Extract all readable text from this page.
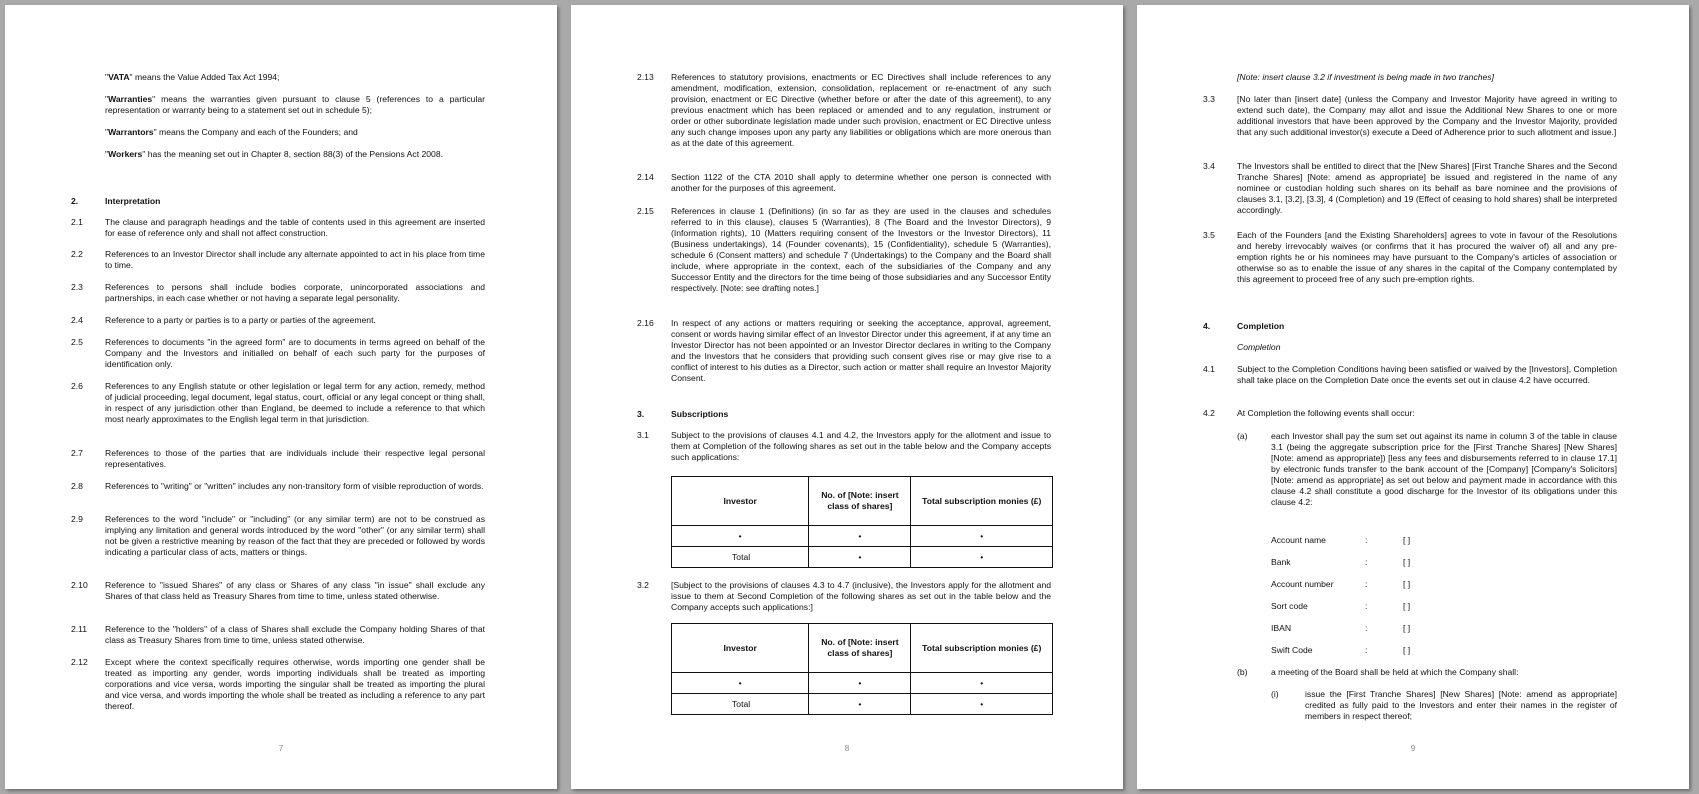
"VATA" means the Value Added Tax Act 1994;
"Warranties" means the warranties given pursuant to clause 5 (references to a particular representation or warranty being to a statement set out in schedule 5);
"Warrantors" means the Company and each of the Founders; and
"Workers" has the meaning set out in Chapter 8, section 88(3) of the Pensions Act 2008.
2.	Interpretation
2.1	The clause and paragraph headings and the table of contents used in this agreement are inserted for ease of reference only and shall not affect construction.
2.2	References to an Investor Director shall include any alternate appointed to act in his place from time to time.
2.3	References to persons shall include bodies corporate, unincorporated associations and partnerships, in each case whether or not having a separate legal personality.
2.4	Reference to a party or parties is to a party or parties of the agreement.
2.5	References to documents "in the agreed form" are to documents in terms agreed on behalf of the Company and the Investors and initialled on behalf of each such party for the purposes of identification only.
2.6	References to any English statute or other legislation or legal term for any action, remedy, method of judicial proceeding, legal document, legal status, court, official or any legal concept or thing shall, in respect of any jurisdiction other than England, be deemed to include a reference to that which most nearly approximates to the English legal term in that jurisdiction.
2.7	References to those of the parties that are individuals include their respective legal personal representatives.
2.8	References to "writing" or "written" includes any non-transitory form of visible reproduction of words.
2.9	References to the word "include" or "including" (or any similar term) are not to be construed as implying any limitation and general words introduced by the word "other" (or any similar term) shall not be given a restrictive meaning by reason of the fact that they are preceded or followed by words indicating a particular class of acts, matters or things.
2.10 Reference to "issued Shares" of any class or Shares of any class "in issue" shall exclude any Shares of that class held as Treasury Shares from time to time, unless stated otherwise.
2.11 Reference to the "holders" of a class of Shares shall exclude the Company holding Shares of that class as Treasury Shares from time to time, unless stated otherwise.
2.12 Except where the context specifically requires otherwise, words importing one gender shall be treated as importing any gender, words importing individuals shall be treated as importing corporations and vice versa, words importing the singular shall be treated as importing the plural and vice versa, and words importing the whole shall be treated as including a reference to any part thereof.
7
2.13 References to statutory provisions, enactments or EC Directives shall include references to any amendment, modification, extension, consolidation, replacement or re-enactment of any such provision, enactment or EC Directive (whether before or after the date of this agreement), to any previous enactment which has been replaced or amended and to any regulation, instrument or order or other subordinate legislation made under such provision, enactment or EC Directive unless any such change imposes upon any party any liabilities or obligations which are more onerous than as at the date of this agreement.
2.14 Section 1122 of the CTA 2010 shall apply to determine whether one person is connected with another for the purposes of this agreement.
2.15 References in clause 1 (Definitions) (in so far as they are used in the clauses and schedules referred to in this clause), clauses 5 (Warranties), 8 (The Board and the Investor Directors), 9 (Information rights), 10 (Matters requiring consent of the Investors or the Investor Directors), 11 (Business undertakings), 14 (Founder covenants), 15 (Confidentiality), schedule 5 (Warranties), schedule 6 (Consent matters) and schedule 7 (Undertakings) to the Company and the Board shall include, where appropriate in the context, each of the subsidiaries of the Company and any Successor Entity and the directors for the time being of those subsidiaries and any Successor Entity respectively. [Note: see drafting notes.]
2.16 In respect of any actions or matters requiring or seeking the acceptance, approval, agreement, consent or words having similar effect of an Investor Director under this agreement, if at any time an Investor Director has not been appointed or an Investor Director declares in writing to the Company and the Investors that he considers that providing such consent gives rise or may give rise to a conflict of interest to his duties as a Director, such action or matter shall require an Investor Majority Consent.
3.	Subscriptions
3.1	Subject to the provisions of clauses 4.1 and 4.2, the Investors apply for the allotment and issue to them at Completion of the following shares as set out in the table below and the Company accepts such applications:
Investor	No. of [Note: insert class of shares]	Total subscription monies (£)
•	•	•
Total	•	•
3.2	[Subject to the provisions of clauses 4.3 to 4.7 (inclusive), the Investors apply for the allotment and issue to them at Second Completion of the following shares as set out in the table below and the Company accepts such applications:]
Investor	No. of [Note: insert class of shares]	Total subscription monies (£)
•	•	•
Total	•	•
8
[Note: insert clause 3.2 if investment is being made in two tranches]
3.3	[No later than [insert date] (unless the Company and Investor Majority have agreed in writing to extend such date), the Company may allot and issue the Additional New Shares to one or more additional investors that have been approved by the Company and the Investor Majority, provided that any such additional investor(s) execute a Deed of Adherence prior to such allotment and issue.]
3.4	The Investors shall be entitled to direct that the [New Shares] [First Tranche Shares and the Second Tranche Shares] [Note: amend as appropriate] be issued and registered in the name of any nominee or custodian holding such shares on its behalf as bare nominee and the provisions of clauses 3.1, [3.2], [3.3], 4 (Completion) and 19 (Effect of ceasing to hold shares) shall be interpreted accordingly.
3.5	Each of the Founders [and the Existing Shareholders] agrees to vote in favour of the Resolutions and hereby irrevocably waives (or confirms that it has procured the waiver of) all and any pre-emption rights he or his nominees may have pursuant to the Company's articles of association or otherwise so as to enable the issue of any shares in the capital of the Company contemplated by this agreement to proceed free of any such pre-emption rights.
4.	Completion
Completion
4.1	Subject to the Completion Conditions having been satisfied or waived by the [Investors], Completion shall take place on the Completion Date once the events set out in clause 4.2 have occurred.
4.2	At Completion the following events shall occur:
(a)	each Investor shall pay the sum set out against its name in column 3 of the table in clause 3.1 (being the aggregate subscription price for the [First Tranche Shares] [New Shares] [Note: amend as appropriate]) [less any fees and disbursements referred to in clause 17.1] by electronic funds transfer to the bank account of the [Company] [Company's Solicitors] [Note: amend as appropriate] as set out below and payment made in accordance with this clause 4.2 shall constitute a good discharge for the Investor of its obligations under this clause 4.2:
Account name	:	[ ]
Bank	:	[ ]
Account number	:	[ ]
Sort code	:	[ ]
IBAN	:	[ ]
Swift Code	:	[ ]
(b)	a meeting of the Board shall be held at which the Company shall:
(i)	issue the [First Tranche Shares] [New Shares] [Note: amend as appropriate] credited as fully paid to the Investors and enter their names in the register of members in respect thereof;
9
